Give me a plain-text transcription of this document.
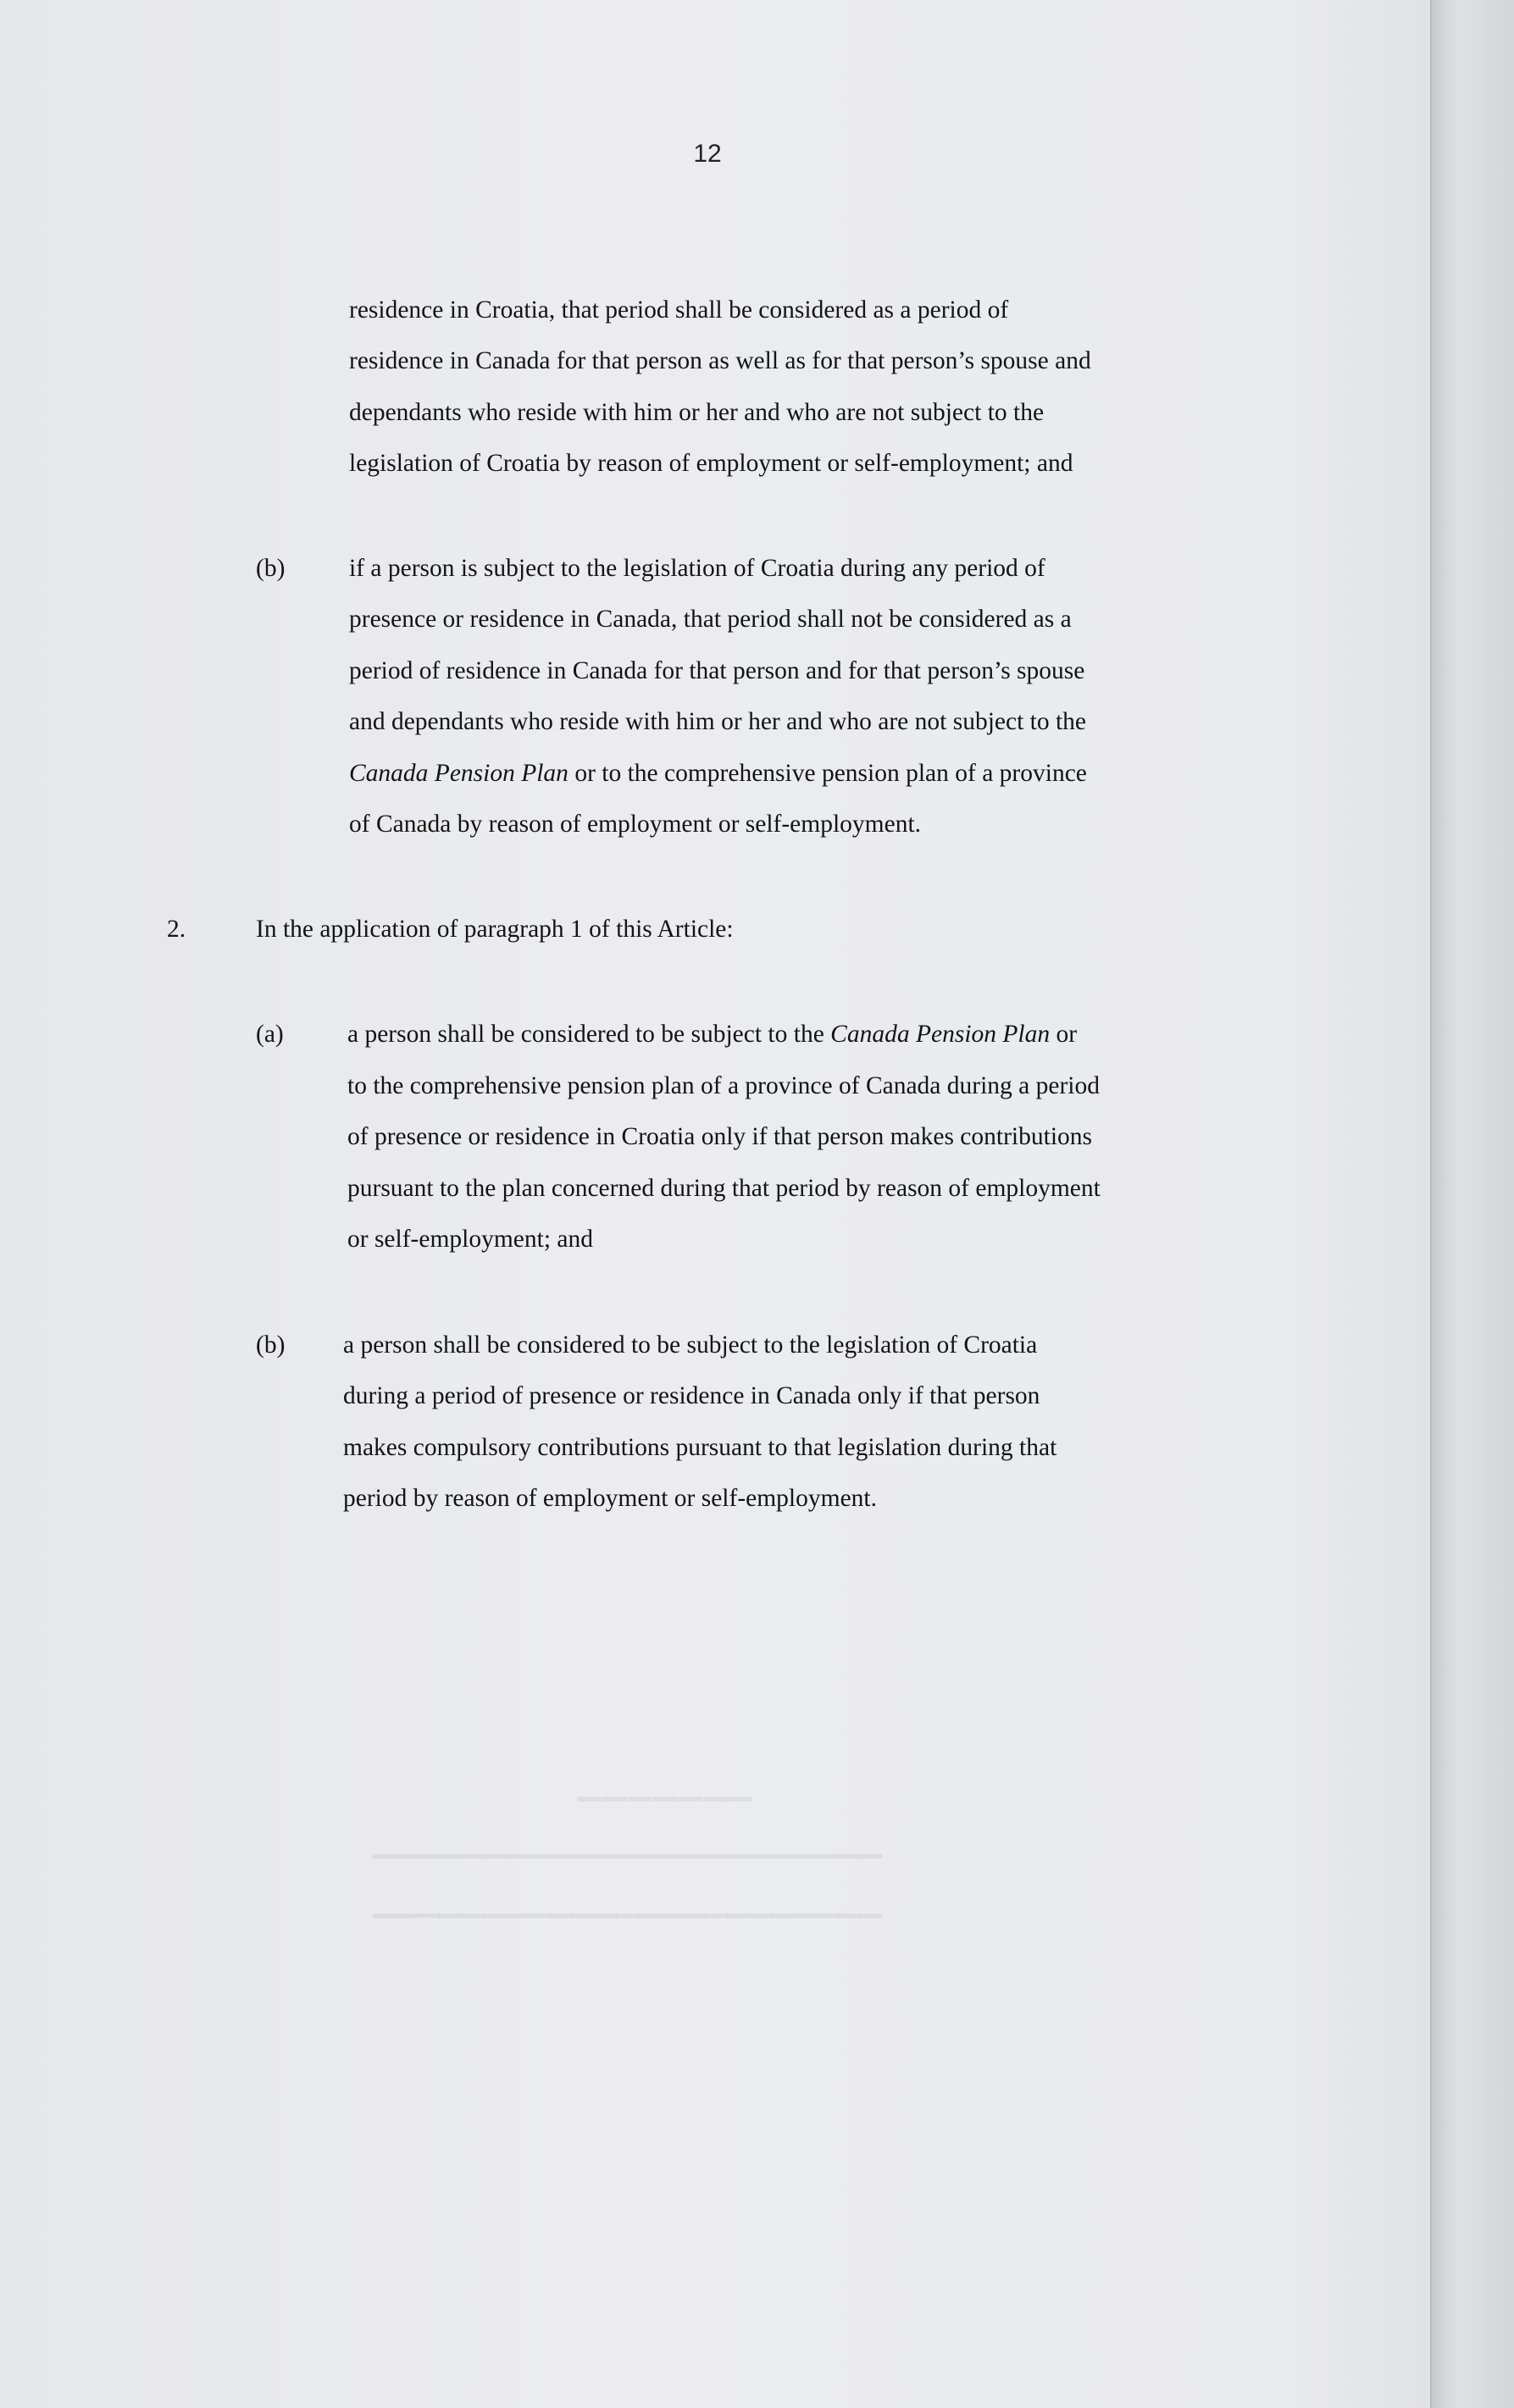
▁▁▁▁▁▁▁
▁▁▁▁▁▁▁▁▁▁▁▁▁▁▁▁▁▁▁▁▁▁▁
▁▁▁▁▁▁▁▁▁▁▁▁▁▁▁▁▁▁▁▁▁▁▁
12
residence in Croatia, that period shall be considered as a period of
residence in Canada for that person as well as for that person’s spouse and
dependants who reside with him or her and who are not subject to the
legislation of Croatia by reason of employment or self-employment; and
(b)	if a person is subject to the legislation of Croatia during any period of
presence or residence in Canada, that period shall not be considered as a
period of residence in Canada for that person and for that person’s spouse
and dependants who reside with him or her and who are not subject to the
Canada Pension Plan or to the comprehensive pension plan of a province
of Canada by reason of employment or self-employment.
2.	In the application of paragraph 1 of this Article:
(a)	a person shall be considered to be subject to the Canada Pension Plan or
to the comprehensive pension plan of a province of Canada during a period
of presence or residence in Croatia only if that person makes contributions
pursuant to the plan concerned during that period by reason of employment
or self-employment; and
(b) a person shall be considered to be subject to the legislation of Croatia
during a period of presence or residence in Canada only if that person
makes compulsory contributions pursuant to that legislation during that
period by reason of employment or self-employment.
